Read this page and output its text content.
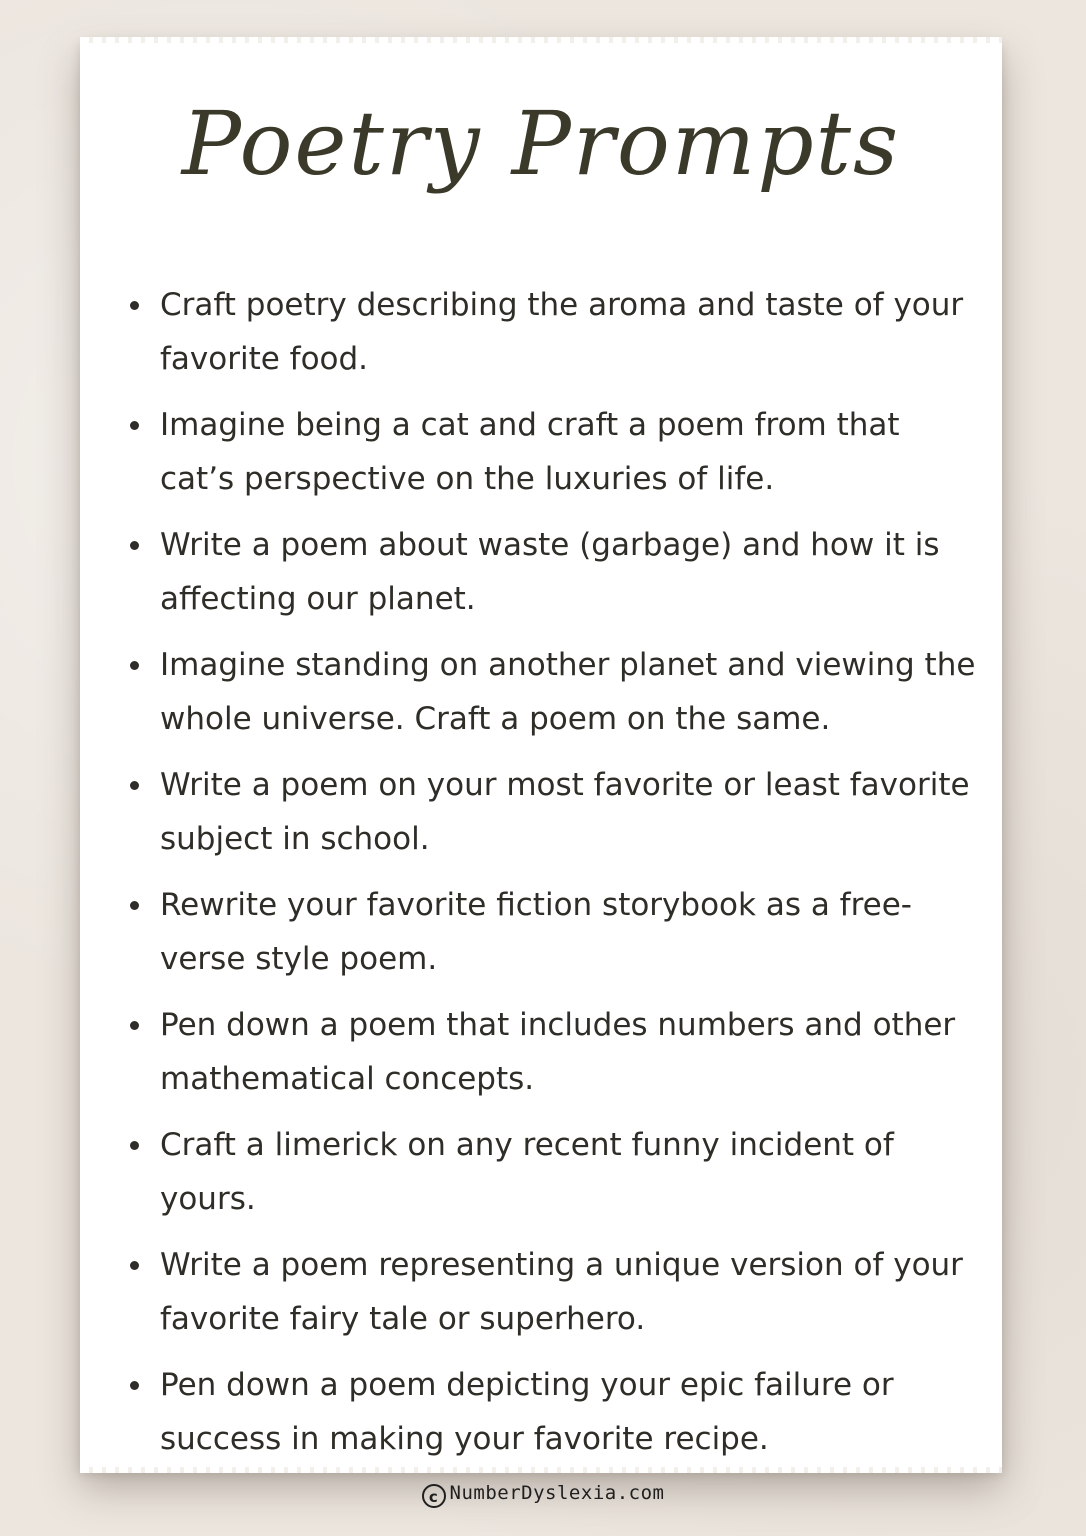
Poetry Prompts
Craft poetry describing the aroma and taste of your favorite food.
Imagine being a cat and craft a poem from that cat’s perspective on the luxuries of life.
Write a poem about waste (garbage) and how it is affecting our planet.
Imagine standing on another planet and viewing the whole universe. Craft a poem on the same.
Write a poem on your most favorite or least favorite subject in school.
Rewrite your favorite fiction storybook as a free-verse style poem.
Pen down a poem that includes numbers and other mathematical concepts.
Craft a limerick on any recent funny incident of yours.
Write a poem representing a unique version of your favorite fairy tale or superhero.
Pen down a poem depicting your epic failure or success in making your favorite recipe.
c NumberDyslexia.com
